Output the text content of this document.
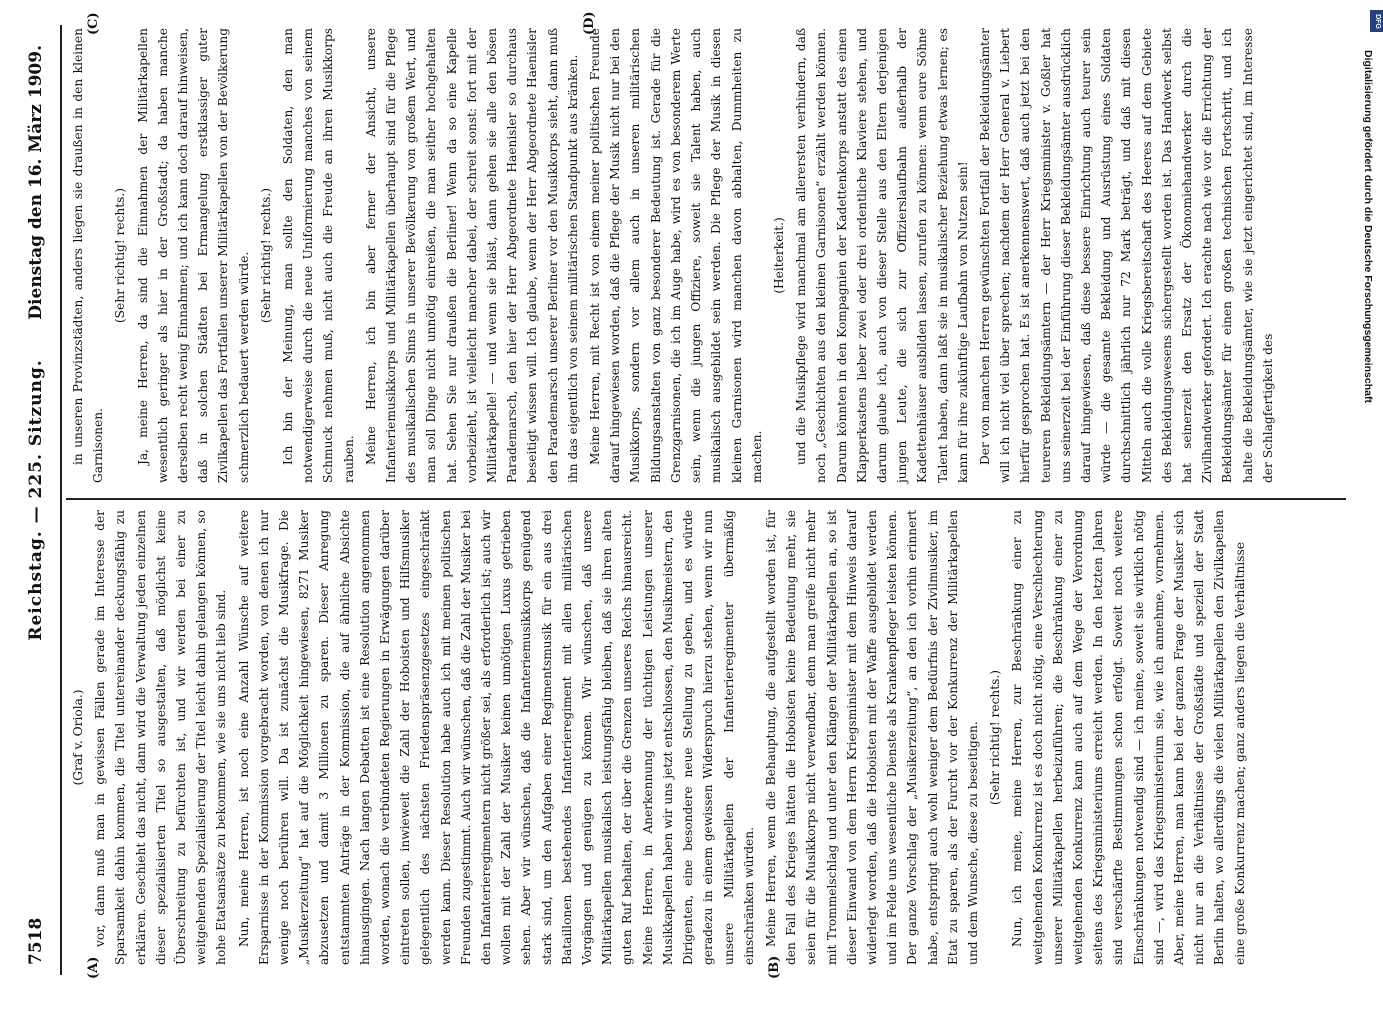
7518
Reichstag. — 225. Sitzung.
Dienstag den 16. März 1909.
(A)	(B)
(C)	(D)

(Graf v. Oriola.) vor, dann muß man in gewissen Fällen gerade im Interesse der Sparsamkeit dahin kommen, die Titel untereinander deckungsfähig zu erklären. Geschieht das nicht, dann wird die Verwaltung jeden einzelnen dieser spezialisierten Titel so ausgestalten, daß möglichst keine Überschreitung zu befürchten ist, und wir werden bei einer zu weitgehenden Spezialisierung der Titel leicht dahin gelangen können, so hohe Etatsansätze zu bekommen, wie sie uns nicht lieb sind. Nun, meine Herren, ist noch eine Anzahl Wünsche auf weitere Ersparnisse in der Kommission vorgebracht worden, von denen ich nur wenige noch berühren will. Da ist zunächst die Musikfrage. Die „Musikerzeitung“ hat auf die Möglichkeit hingewiesen, 8271 Musiker abzusetzen und damit 3 Millionen zu sparen. Dieser Anregung entstammten Anträge in der Kommission, die auf ähnliche Absichte hinausgingen. Nach langen Debatten ist eine Resolution angenommen worden, wonach die verbündeten Regierungen in Erwägungen darüber eintreten sollen, inwieweit die Zahl der Hoboisten und Hilfsmusiker gelegentlich des nächsten Friedenspräsenzgesetzes eingeschränkt werden kann. Dieser Resolution habe auch ich mit meinen politischen Freunden zugestimmt. Auch wir wünschen, daß die Zahl der Musiker bei den Infanterieregimentern nicht größer sei, als erforderlich ist; auch wir wollen mit der Zahl der Musiker keinen unnötigen Luxus getrieben sehen. Aber wir wünschen, daß die Infanteriemusikkorps genügend stark sind, um den Aufgaben einer Regimentsmusik für ein aus drei Bataillonen bestehendes Infanterieregiment mit allen militärischen Vorgängen und genügen zu können. Wir wünschen, daß unsere Militärkapellen musikalisch leistungsfähig bleiben, daß sie ihren alten guten Ruf behalten, der über die Grenzen unseres Reichs hinausreicht. Meine Herren, in Anerkennung der tüchtigen Leistungen unserer Musikkapellen haben wir uns jetzt entschlossen, den Musikmeistern, den Dirigenten, eine besondere neue Stellung zu geben, und es würde geradezu in einem gewissen Widerspruch hierzu stehen, wenn wir nun unsere Militärkapellen der Infanterieregimenter übermäßig einschränken würden. Meine Herren, wenn die Behauptung, die aufgestellt worden ist, für den Fall des Krieges hätten die Hoboisten keine Bedeutung mehr, sie seien für die Musikkorps nicht verwendbar, denn man greife nicht mehr mit Trommelschlag und unter den Klängen der Militärkapellen an, so ist dieser Einwand von dem Herrn Kriegsminister mit dem Hinweis darauf widerlegt worden, daß die Hoboisten mit der Waffe ausgebildet werden und im Felde uns wesentliche Dienste als Krankenpfleger leisten können. Der ganze Vorschlag der „Musikerzeitung“, an den ich vorhin erinnert habe, entspringt auch wohl weniger dem Bedürfnis der Zivilmusiker, im Etat zu sparen, als der Furcht vor der Konkurrenz der Militärkapellen und dem Wunsche, diese zu beseitigen. (Sehr richtig! rechts.) Nun, ich meine, meine Herren, zur Beschränkung einer zu weitgehenden Konkurrenz ist es doch nicht nötig, eine Verschlechterung unserer Militärkapellen herbeizuführen; die Beschränkung einer zu weitgehenden Konkurrenz kann auch auf dem Wege der Verordnung seitens des Kriegsministeriums erreicht werden. In den letzten Jahren sind verschärfte Bestimmungen schon erfolgt. Soweit noch weitere Einschränkungen notwendig sind — ich meine, soweit sie wirklich nötig sind —, wird das Kriegsministerium sie, wie ich annehme, vornehmen. Aber, meine Herren, man kann bei der ganzen Frage der Musiker sich nicht nur an die Verhältnisse der Großstädte und speziell der Stadt Berlin halten, wo allerdings die vielen Militärkapellen den Zivilkapellen eine große Konkurrenz machen; ganz anders liegen die Verhältnisse

in unseren Provinzstädten, anders liegen sie draußen in den kleinen Garnisonen.

(Sehr richtig! rechts.) Ja, meine Herren, da sind die Einnahmen der Militärkapellen wesentlich geringer als hier in der Großstadt; da haben manche derselben recht wenig Einnahmen; und ich kann doch darauf hinweisen, daß in solchen Städten bei Ermangelung erstklassiger guter Zivilkapellen das Fortfallen unserer Militärkapellen von der Bevölkerung schmerzlich bedauert werden würde. (Sehr richtig! rechts.) Ich bin der Meinung, man sollte den Soldaten, den man notwendigerweise durch die neue Uniformierung manches von seinem Schmuck nehmen muß, nicht auch die Freude an ihren Musikkorps rauben. Meine Herren, ich bin aber ferner der Ansicht, unsere Infanteriemusikkorps und Militärkapellen überhaupt sind für die Pflege des musikalischen Sinns in unserer Bevölkerung von großem Wert, und man soll Dinge nicht unnötig einreißen, die man seither hochgehalten hat. Sehen Sie nur draußen die Berliner! Wenn da so eine Kapelle vorbeizieht, ist vielleicht mancher dabei, der schreit sonst: fort mit der Militärkapelle! — und wenn sie bläst, dann gehen sie alle den bösen Parademarsch, den hier der Herr Abgeordnete Haenisler so durchaus beseitigt wissen will. Ich glaube, wenn der Herr Abgeordnete Haenisler den Parademarsch unserer Berliner vor den Musikkorps sieht, dann muß ihn das eigentlich von seinem militärischen Standpunkt aus kränken. Meine Herren, mit Recht ist von einem meiner politischen Freunde darauf hingewiesen worden, daß die Pflege der Musik nicht nur bei den Musikkorps, sondern vor allem auch in unseren militärischen Bildungsanstalten von ganz besonderer Bedeutung ist. Gerade für die Grenzgarnisonen, die ich im Auge habe, wird es von besonderem Werte sein, wenn die jungen Offiziere, soweit sie Talent haben, auch musikalisch ausgebildet sein werden. Die Pflege der Musik in diesen kleinen Garnisonen wird manchen davon abhalten, Dummheiten zu machen.

(Heiterkeit.) und die Musikpflege wird manchmal am allerersten verhindern, daß noch „Geschichten aus den kleinen Garnisonen“ erzählt werden können. Darum könnten in den Kompagnien der Kadettenkorps anstatt des einen Klapperkastens lieber zwei oder drei ordentliche Klaviere stehen, und darum glaube ich, auch von dieser Stelle aus den Eltern derjenigen jungen Leute, die sich zur Offizierslaufbahn außerhalb der Kadettenhäuser ausbilden lassen, zurufen zu können: wenn eure Söhne Talent haben, dann laßt sie in musikalischer Beziehung etwas lernen; es kann für ihre zukünftige Laufbahn von Nutzen sein! Der von manchen Herren gewünschten Fortfall der Bekleidungsämter will ich nicht viel über sprechen; nachdem der Herr General v. Liebert hierfür gesprochen hat. Es ist anerkennenswert, daß auch jetzt bei den teureren Bekleidungsämtern — der Herr Kriegsminister v. Goßler hat uns seinerzeit bei der Einführung dieser Bekleidungsämter ausdrücklich darauf hingewiesen, daß diese bessere Einrichtung auch teurer sein würde — die gesamte Bekleidung und Ausrüstung eines Soldaten durchschnittlich jährlich nur 72 Mark beträgt, und daß mit diesen Mitteln auch die volle Kriegsbereitschaft des Heeres auf dem Gebiete des Bekleidungswesens sichergestellt worden ist. Das Handwerk selbst hat seinerzeit den Ersatz der Ökonomiehandwerker durch die Zivilhandwerker gefordert. Ich erachte nach wie vor die Errichtung der Bekleidungsämter für einen großen technischen Fortschritt, und ich halte die Bekleidungsämter, wie sie jetzt eingerichtet sind, im Interesse der Schlagfertigkeit des

DFG
Digitalisierung gefördert durch die Deutsche Forschungsgemeinschaft
